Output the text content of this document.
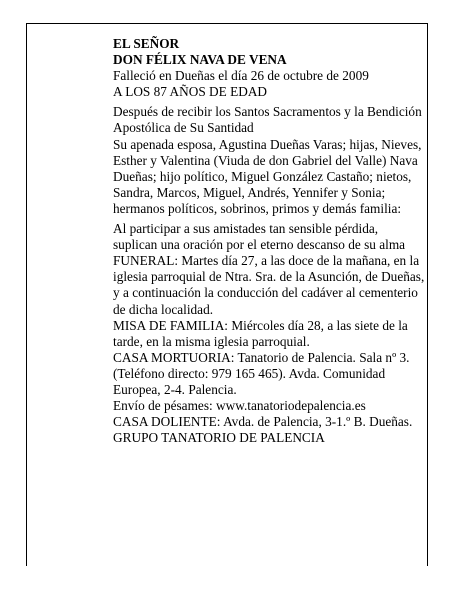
EL SEÑOR

DON FÉLIX NAVA DE VENA

Falleció en Dueñas el día 26 de octubre de 2009

A LOS 87 AÑOS DE EDAD

Después de recibir los Santos Sacramentos y la Bendición Apostólica de Su Santidad

Su apenada esposa, Agustina Dueñas Varas; hijas, Nieves, Esther y Valentina (Viuda de don Gabriel del Valle) Nava Dueñas; hijo político, Miguel González Castaño; nietos, Sandra, Marcos, Miguel, Andrés, Yennifer y Sonia; hermanos políticos, sobrinos, primos y demás familia:

Al participar a sus amistades tan sensible pérdida, suplican una oración por el eterno descanso de su alma

FUNERAL: Martes día 27, a las doce de la mañana, en la iglesia parroquial de Ntra. Sra. de la Asunción, de Dueñas, y a continuación la conducción del cadáver al cementerio de dicha localidad.

MISA DE FAMILIA: Miércoles día 28, a las siete de la tarde, en la misma iglesia parroquial.

CASA MORTUORIA: Tanatorio de Palencia. Sala nº 3. (Teléfono directo: 979 165 465). Avda. Comunidad Europea, 2-4. Palencia.

Envío de pésames: www.tanatoriodepalencia.es

CASA DOLIENTE: Avda. de Palencia, 3-1.º B. Dueñas.

GRUPO TANATORIO DE PALENCIA
